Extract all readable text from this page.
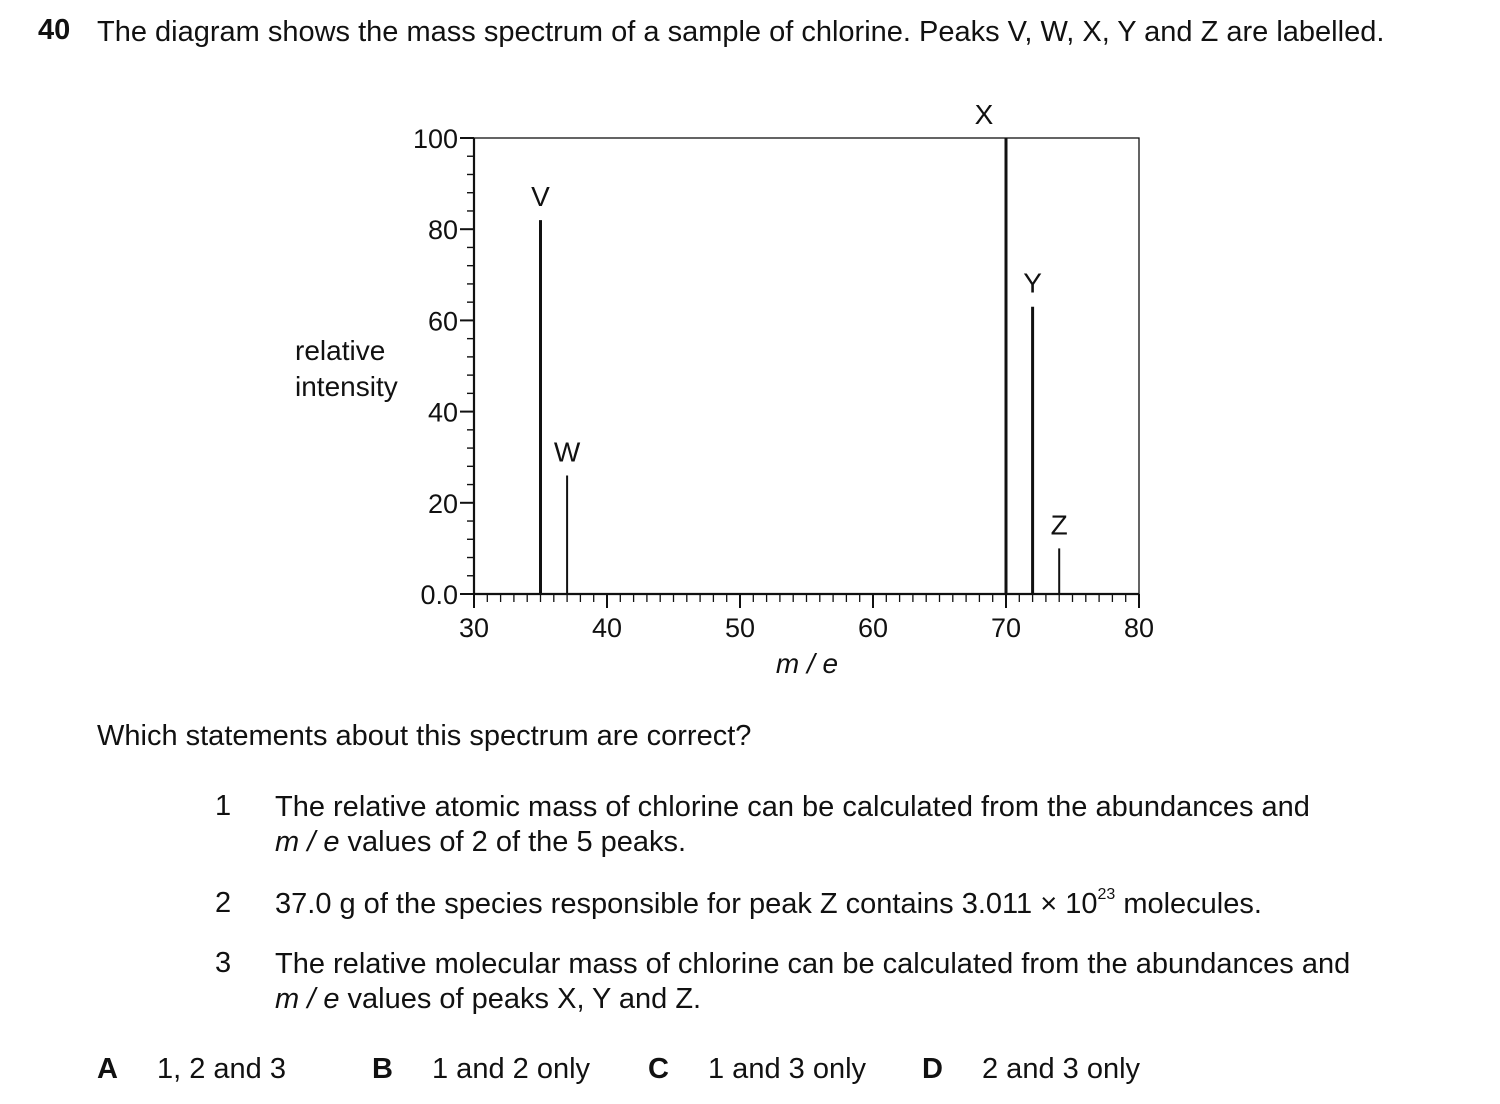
40 The diagram shows the mass spectrum of a sample of chlorine. Peaks V, W, X, Y and Z are labelled.
0.0
20
40
60
80
100
30	40	50	60	70	80
relative
intensity
m / e
V
W
X
Y
Z
Which statements about this spectrum are correct?
1 The relative atomic mass of chlorine can be calculated from the abundances and
m / e values of 2 of the 5 peaks.
2 37.0 g of the species responsible for peak Z contains $3.011 \times 10^{23}$ molecules.
3 The relative molecular mass of chlorine can be calculated from the abundances and
m / e values of peaks X, Y and Z.
A 1, 2 and 3	B 1 and 2 only C 1 and 3 only D 2 and 3 only
